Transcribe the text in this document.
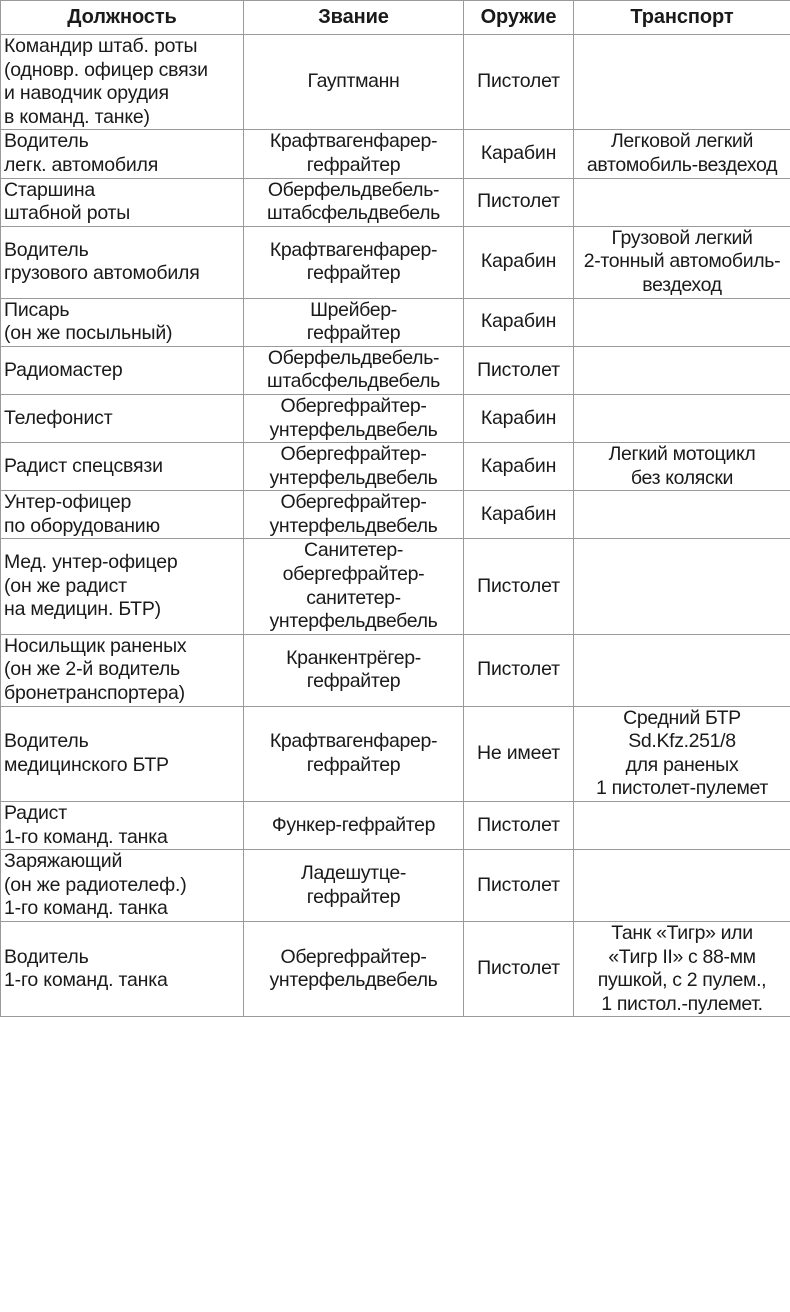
Должность	Звание	Оружие	Транспорт

Командир штаб. роты
(одновр. офицер связи
и наводчик орудия
в команд. танке)	Гауптманн	Пистолет	

Водитель
легк. автомобиля	Крафтвагенфарер-
гефрайтер	Карабин	Легковой легкий
автомобиль-вездеход

Старшина
штабной роты	Оберфельдвебель-
штабсфельдвебель	Пистолет	

Водитель
грузового автомобиля	Крафтвагенфарер-
гефрайтер	Карабин	Грузовой легкий
2-тонный автомобиль-
вездеход

Писарь
(он же посыльный)	Шрейбер-
гефрайтер	Карабин	

Радиомастер	Оберфельдвебель-
штабсфельдвебель	Пистолет	

Телефонист	Обергефрайтер-
унтерфельдвебель	Карабин	

Радист спецсвязи	Обергефрайтер-
унтерфельдвебель	Карабин	Легкий мотоцикл
без коляски

Унтер-офицер
по оборудованию	Обергефрайтер-
унтерфельдвебель	Карабин	

Мед. унтер-офицер
(он же радист
на медицин. БТР)	Санитетер-
обергефрайтер-
санитетер-
унтерфельдвебель	Пистолет	

Носильщик раненых
(он же 2-й водитель
бронетранспортера)	Кранкентрёгер-
гефрайтер	Пистолет	

Водитель
медицинского БТР	Крафтвагенфарер-
гефрайтер	Не имеет	Средний БТР
Sd.Kfz.251/8
для раненых
1 пистолет-пулемет

Радист
1-го команд. танка	Функер-гефрайтер	Пистолет	

Заряжающий
(он же радиотелеф.)
1-го команд. танка	Ладешутце-
гефрайтер	Пистолет	

Водитель
1-го команд. танка	Обергефрайтер-
унтерфельдвебель	Пистолет	Танк «Тигр» или
«Тигр II» с 88-мм
пушкой, с 2 пулем.,
1 пистол.-пулемет.
